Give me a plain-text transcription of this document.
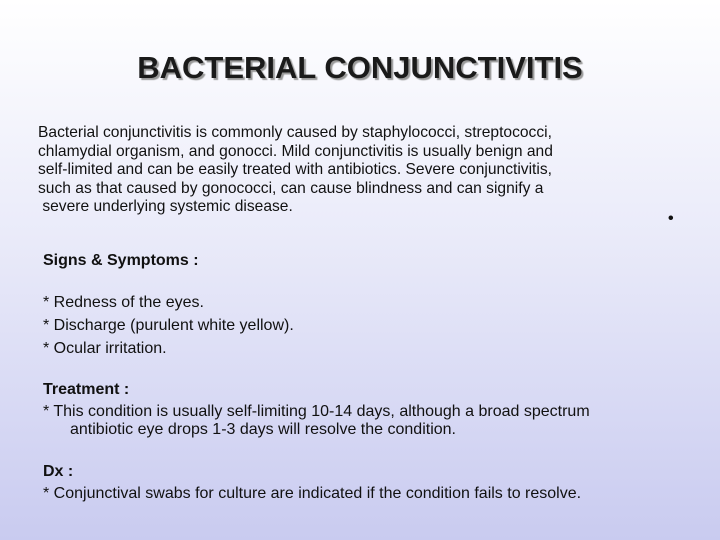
BACTERIAL CONJUNCTIVITIS
Bacterial conjunctivitis is commonly caused by staphylococci, streptococci,
chlamydial organism, and gonocci. Mild conjunctivitis is usually benign and
self-limited and can be easily treated with antibiotics. Severe conjunctivitis,
such as that caused by gonococci, can cause blindness and can signify a
severe underlying systemic disease.
•
Signs & Symptoms :
* Redness of the eyes.
* Discharge (purulent white yellow).
* Ocular irritation.
Treatment :
* This condition is usually self-limiting 10-14 days, although a broad spectrum
antibiotic eye drops 1-3 days will resolve the condition.
Dx :
* Conjunctival swabs for culture are indicated if the condition fails to resolve.
